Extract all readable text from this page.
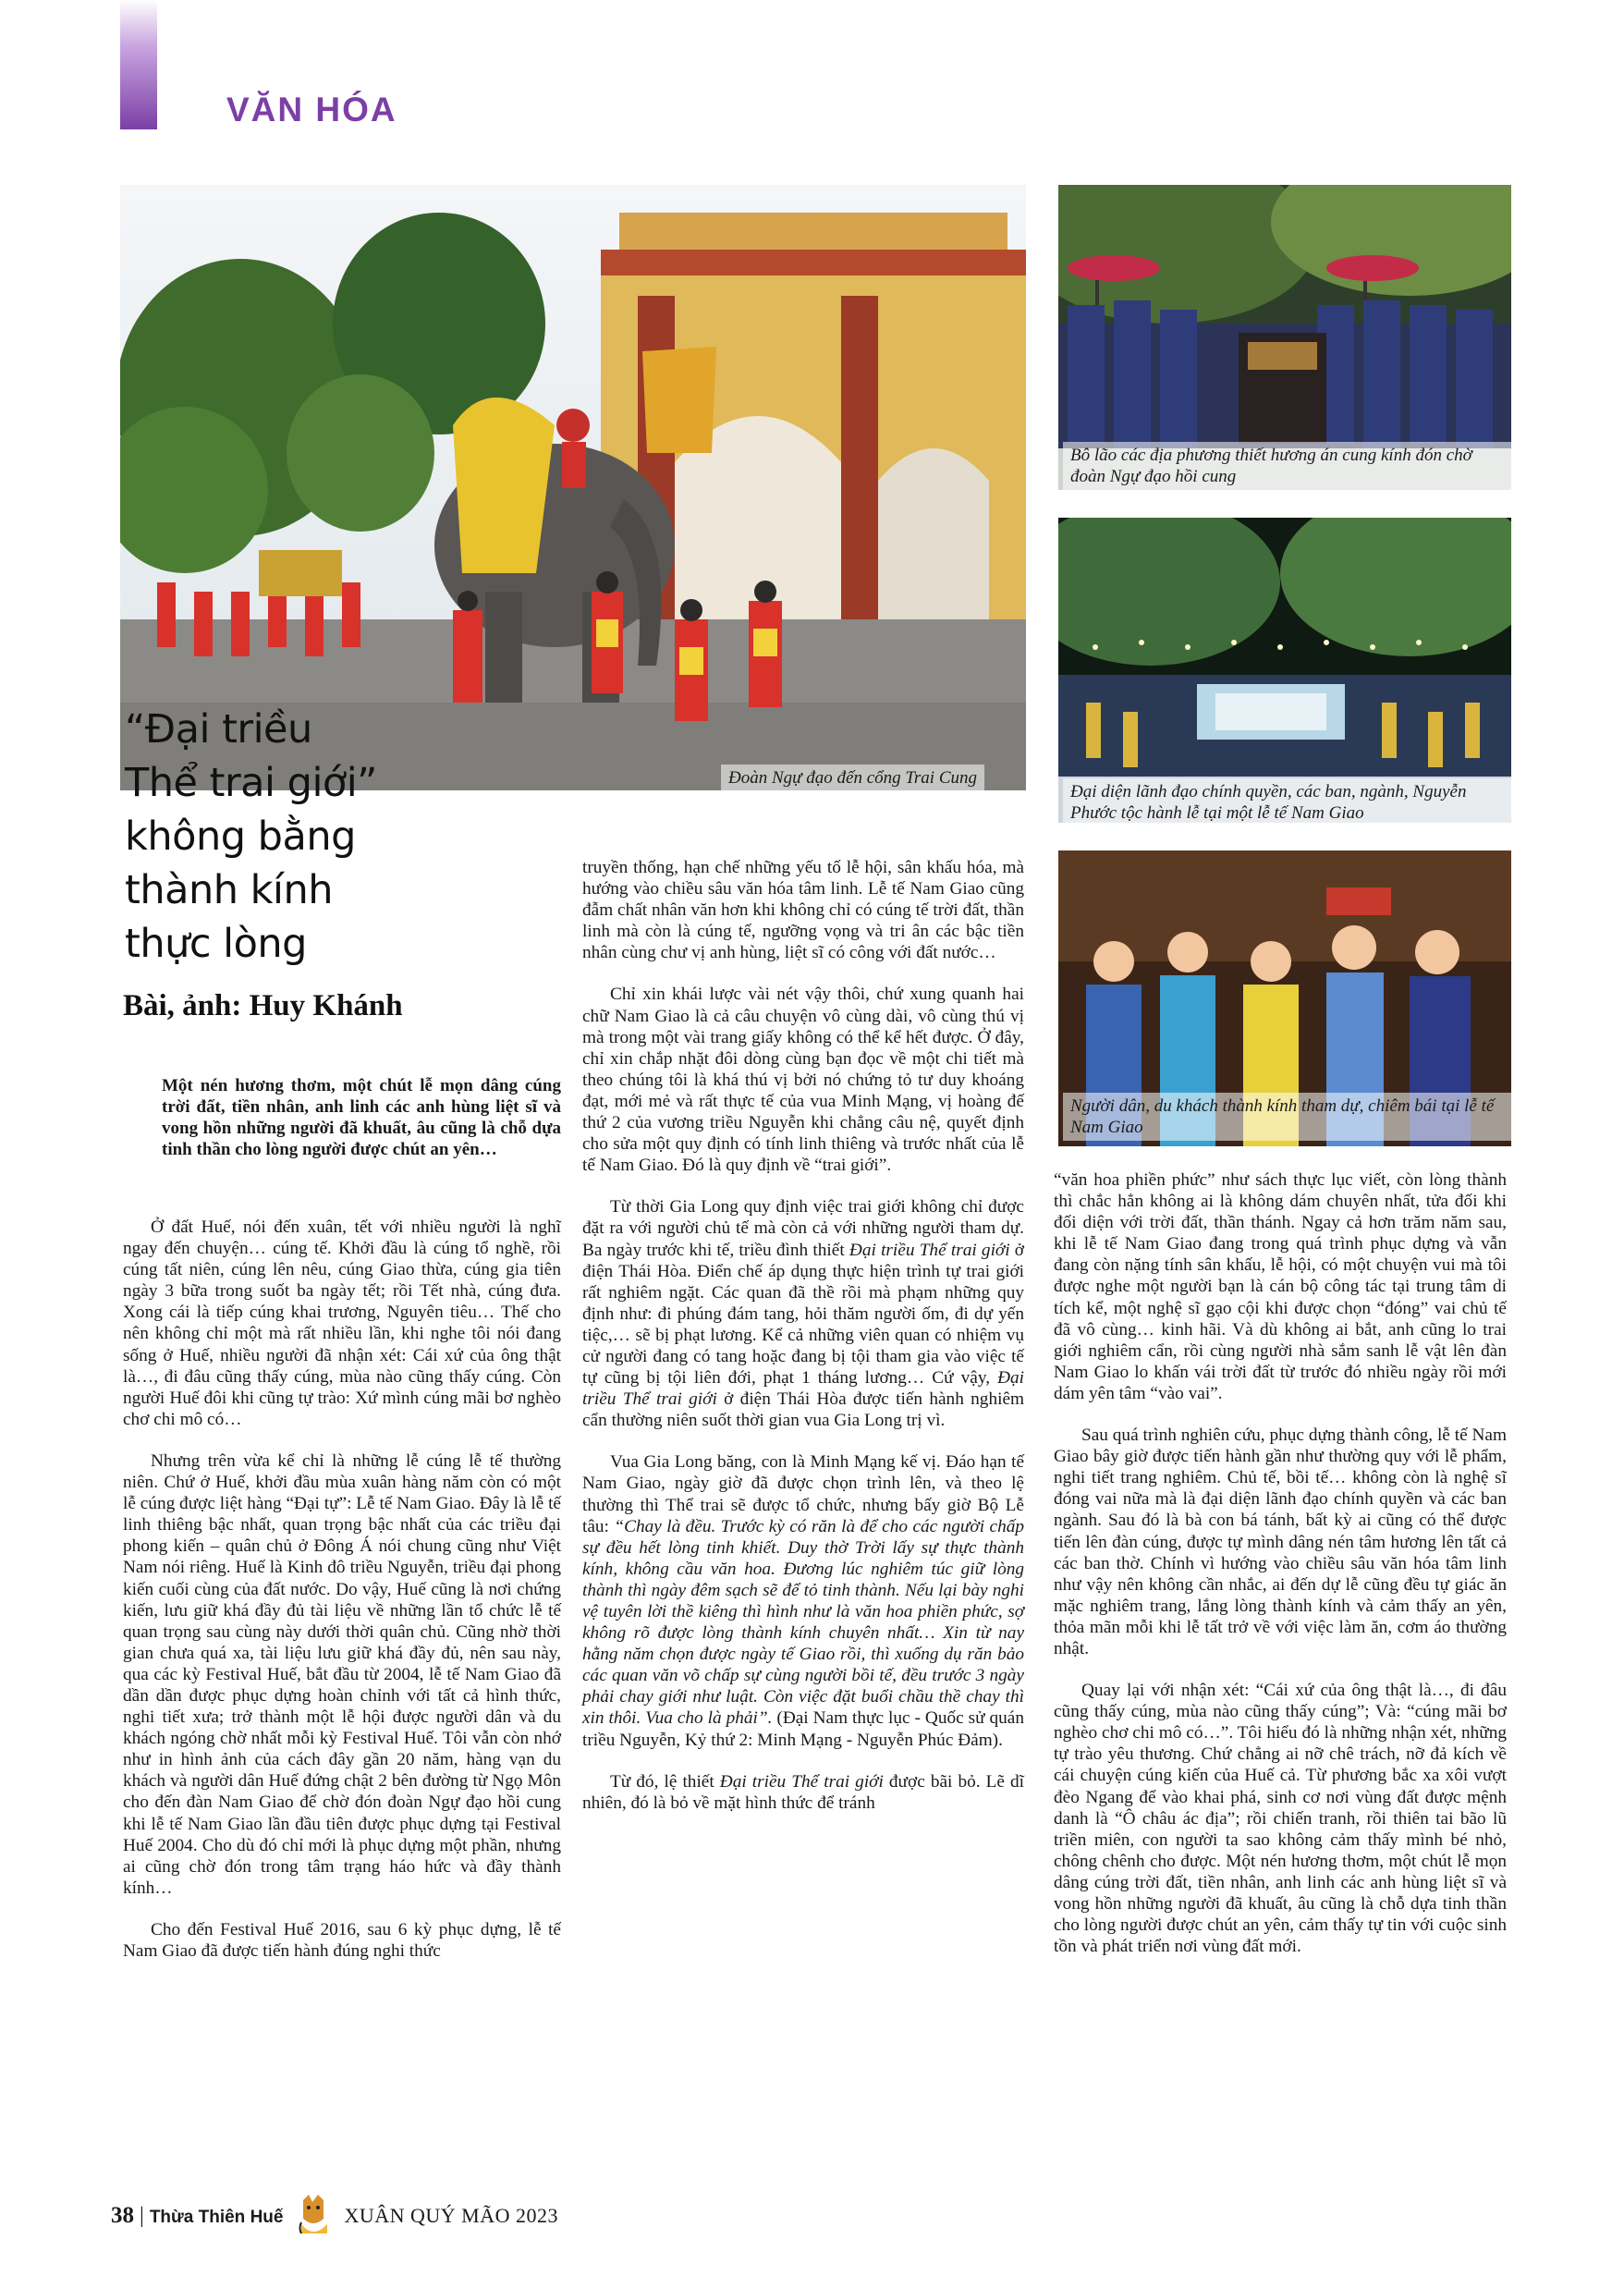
VĂN HÓA
Đoàn Ngự đạo đến cổng Trai Cung
Bô lão các địa phương thiết hương án cung kính đón chờ đoàn Ngự đạo hồi cung
Đại diện lãnh đạo chính quyền, các ban, ngành, Nguyễn Phước tộc hành lễ tại một lễ tế Nam Giao
Người dân, du khách thành kính tham dự, chiêm bái tại lễ tế Nam Giao
“Đại triều
Thể trai giới”
không bằng
thành kính
thực lòng
Bài, ảnh: Huy Khánh
Một nén hương thơm, một chút lễ mọn dâng cúng trời đất, tiền nhân, anh linh các anh hùng liệt sĩ và vong hồn những người đã khuất, âu cũng là chỗ dựa tinh thần cho lòng người được chút an yên…

Ở đất Huế, nói đến xuân, tết với nhiều người là nghĩ ngay đến chuyện… cúng tế. Khởi đầu là cúng tổ nghề, rồi cúng tất niên, cúng lên nêu, cúng Giao thừa, cúng gia tiên ngày 3 bữa trong suốt ba ngày tết; rồi Tết nhà, cúng đưa. Xong cái là tiếp cúng khai trương, Nguyên tiêu… Thế cho nên không chỉ một mà rất nhiều lần, khi nghe tôi nói đang sống ở Huế, nhiều người đã nhận xét: Cái xứ của ông thật là…, đi đâu cũng thấy cúng, mùa nào cũng thấy cúng. Còn người Huế đôi khi cũng tự trào: Xứ mình cúng mãi bơ nghèo chơ chi mô có…

Nhưng trên vừa kể chỉ là những lễ cúng lễ tế thường niên. Chứ ở Huế, khởi đầu mùa xuân hàng năm còn có một lễ cúng được liệt hàng “Đại tự”: Lễ tế Nam Giao. Đây là lễ tế linh thiêng bậc nhất, quan trọng bậc nhất của các triều đại phong kiến – quân chủ ở Đông Á nói chung cũng như Việt Nam nói riêng. Huế là Kinh đô triều Nguyễn, triều đại phong kiến cuối cùng của đất nước. Do vậy, Huế cũng là nơi chứng kiến, lưu giữ khá đầy đủ tài liệu về những lần tổ chức lễ tế quan trọng sau cùng này dưới thời quân chủ. Cũng nhờ thời gian chưa quá xa, tài liệu lưu giữ khá đầy đủ, nên sau này, qua các kỳ Festival Huế, bắt đầu từ 2004, lễ tế Nam Giao đã dần dần được phục dựng hoàn chỉnh với tất cả hình thức, nghi tiết xưa; trở thành một lễ hội được người dân và du khách ngóng chờ nhất mỗi kỳ Festival Huế. Tôi vẫn còn nhớ như in hình ảnh của cách đây gần 20 năm, hàng vạn du khách và người dân Huế đứng chật 2 bên đường từ Ngọ Môn cho đến đàn Nam Giao để chờ đón đoàn Ngự đạo hồi cung khi lễ tế Nam Giao lần đầu tiên được phục dựng tại Festival Huế 2004. Cho dù đó chỉ mới là phục dựng một phần, nhưng ai cũng chờ đón trong tâm trạng háo hức và đầy thành kính…

Cho đến Festival Huế 2016, sau 6 kỳ phục dựng, lễ tế Nam Giao đã được tiến hành đúng nghi thức

truyền thống, hạn chế những yếu tố lễ hội, sân khấu hóa, mà hướng vào chiều sâu văn hóa tâm linh. Lễ tế Nam Giao cũng đẫm chất nhân văn hơn khi không chỉ có cúng tế trời đất, thần linh mà còn là cúng tế, ngưỡng vọng và tri ân các bậc tiền nhân cùng chư vị anh hùng, liệt sĩ có công với đất nước…

Chỉ xin khái lược vài nét vậy thôi, chứ xung quanh hai chữ Nam Giao là cả câu chuyện vô cùng dài, vô cùng thú vị mà trong một vài trang giấy không có thể kể hết được. Ở đây, chỉ xin chắp nhặt đôi dòng cùng bạn đọc về một chi tiết mà theo chúng tôi là khá thú vị bởi nó chứng tỏ tư duy khoáng đạt, mới mẻ và rất thực tế của vua Minh Mạng, vị hoàng đế thứ 2 của vương triều Nguyễn khi chẳng câu nệ, quyết định cho sửa một quy định có tính linh thiêng và trước nhất của lễ tế Nam Giao. Đó là quy định về “trai giới”.

Từ thời Gia Long quy định việc trai giới không chỉ được đặt ra với người chủ tế mà còn cả với những người tham dự. Ba ngày trước khi tế, triều đình thiết Đại triều Thể trai giới ở điện Thái Hòa. Điển chế áp dụng thực hiện trình tự trai giới rất nghiêm ngặt. Các quan đã thề rồi mà phạm những quy định như: đi phúng đám tang, hỏi thăm người ốm, đi dự yến tiệc,… sẽ bị phạt lương. Kể cả những viên quan có nhiệm vụ cử người đang có tang hoặc đang bị tội tham gia vào việc tế tự cũng bị tội liên đới, phạt 1 tháng lương… Cứ vậy, Đại triều Thể trai giới ở điện Thái Hòa được tiến hành nghiêm cẩn thường niên suốt thời gian vua Gia Long trị vì.

Vua Gia Long băng, con là Minh Mạng kế vị. Đáo hạn tế Nam Giao, ngày giờ đã được chọn trình lên, và theo lệ thường thì Thể trai sẽ được tổ chức, nhưng bấy giờ Bộ Lễ tâu: “Chay là đều. Trước kỳ có răn là để cho các người chấp sự đều hết lòng tinh khiết. Duy thờ Trời lấy sự thực thành kính, không cầu văn hoa. Đương lúc nghiêm túc giữ lòng thành thì ngày đêm sạch sẽ để tỏ tinh thành. Nếu lại bày nghi vệ tuyên lời thề kiêng thì hình như là văn hoa phiền phức, sợ không rõ được lòng thành kính chuyên nhất… Xin từ nay hằng năm chọn được ngày tế Giao rồi, thì xuống dụ răn bảo các quan văn võ chấp sự cùng người bồi tế, đều trước 3 ngày phải chay giới như luật. Còn việc đặt buổi chầu thề chay thì xin thôi. Vua cho là phải”. (Đại Nam thực lục - Quốc sử quán triều Nguyễn, Kỷ thứ 2: Minh Mạng - Nguyễn Phúc Đảm).

Từ đó, lệ thiết Đại triều Thể trai giới được bãi bỏ. Lẽ dĩ nhiên, đó là bỏ về mặt hình thức để tránh

“văn hoa phiền phức” như sách thực lục viết, còn lòng thành thì chắc hẳn không ai là không dám chuyên nhất, tửa đối khi đối diện với trời đất, thần thánh. Ngay cả hơn trăm năm sau, khi lễ tế Nam Giao đang trong quá trình phục dựng và vẫn đang còn nặng tính sân khấu, lễ hội, có một chuyện vui mà tôi được nghe một người bạn là cán bộ công tác tại trung tâm di tích kể, một nghệ sĩ gạo cội khi được chọn “đóng” vai chủ tế đã vô cùng… kinh hãi. Và dù không ai bắt, anh cũng lo trai giới nghiêm cẩn, rồi cùng người nhà sắm sanh lễ vật lên đàn Nam Giao lo khấn vái trời đất từ trước đó nhiều ngày rồi mới dám yên tâm “vào vai”.

Sau quá trình nghiên cứu, phục dựng thành công, lễ tế Nam Giao bây giờ được tiến hành gần như thường quy với lễ phẩm, nghi tiết trang nghiêm. Chủ tế, bồi tế… không còn là nghệ sĩ đóng vai nữa mà là đại diện lãnh đạo chính quyền và các ban ngành. Sau đó là bà con bá tánh, bất kỳ ai cũng có thể được tiến lên đàn cúng, được tự mình dâng nén tâm hương lên tất cả các ban thờ. Chính vì hướng vào chiều sâu văn hóa tâm linh như vậy nên không cần nhắc, ai đến dự lễ cũng đều tự giác ăn mặc nghiêm trang, lắng lòng thành kính và cảm thấy an yên, thỏa mãn mỗi khi lễ tất trở về với việc làm ăn, cơm áo thường nhật.

Quay lại với nhận xét: “Cái xứ của ông thật là…, đi đâu cũng thấy cúng, mùa nào cũng thấy cúng”; Và: “cúng mãi bơ nghèo chơ chi mô có…”. Tôi hiểu đó là những nhận xét, những tự trào yêu thương. Chứ chẳng ai nỡ chê trách, nỡ đả kích về cái chuyện cúng kiến của Huế cả. Từ phương bắc xa xôi vượt đèo Ngang để vào khai phá, sinh cơ nơi vùng đất được mệnh danh là “Ô châu ác địa”; rồi chiến tranh, rồi thiên tai bão lũ triền miên, con người ta sao không cảm thấy mình bé nhỏ, chông chênh cho được. Một nén hương thơm, một chút lễ mọn dâng cúng trời đất, tiền nhân, anh linh các anh hùng liệt sĩ và vong hồn những người đã khuất, âu cũng là chỗ dựa tinh thần cho lòng người được chút an yên, cảm thấy tự tin với cuộc sinh tồn và phát triển nơi vùng đất mới.

38 | Thừa Thiên Huế	XUÂN QUÝ MÃO 2023
